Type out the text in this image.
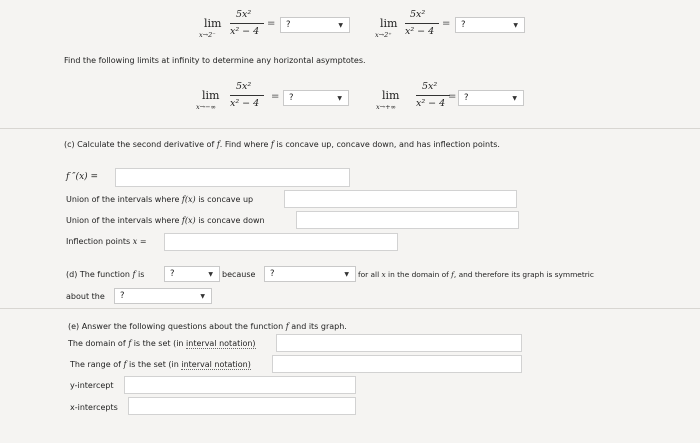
lim
x→2⁻
5x²
x² − 4
=	?	▼	lim
x→2⁺
5x²
x² − 4
=	?	▼
Find the following limits at infinity to determine any horizontal asymptotes.
lim
x→−∞
5x²
x² − 4
=	?	▼	lim
x→+∞
5x²
x² − 4
= ?	▼
(c) Calculate the second derivative of f. Find where f is concave up, concave down, and has inflection points.
f ″(x) =
Union of the intervals where f(x) is concave up
Union of the intervals where f(x) is concave down
Inflection points x =
(d) The function f is	?	▼ because	?	▼ for all x in the domain of f, and therefore its graph is symmetric
about the	?	▼
(e) Answer the following questions about the function f and its graph.
The domain of f is the set (in interval notation)
The range of f is the set (in interval notation)
y-intercept
x-intercepts
